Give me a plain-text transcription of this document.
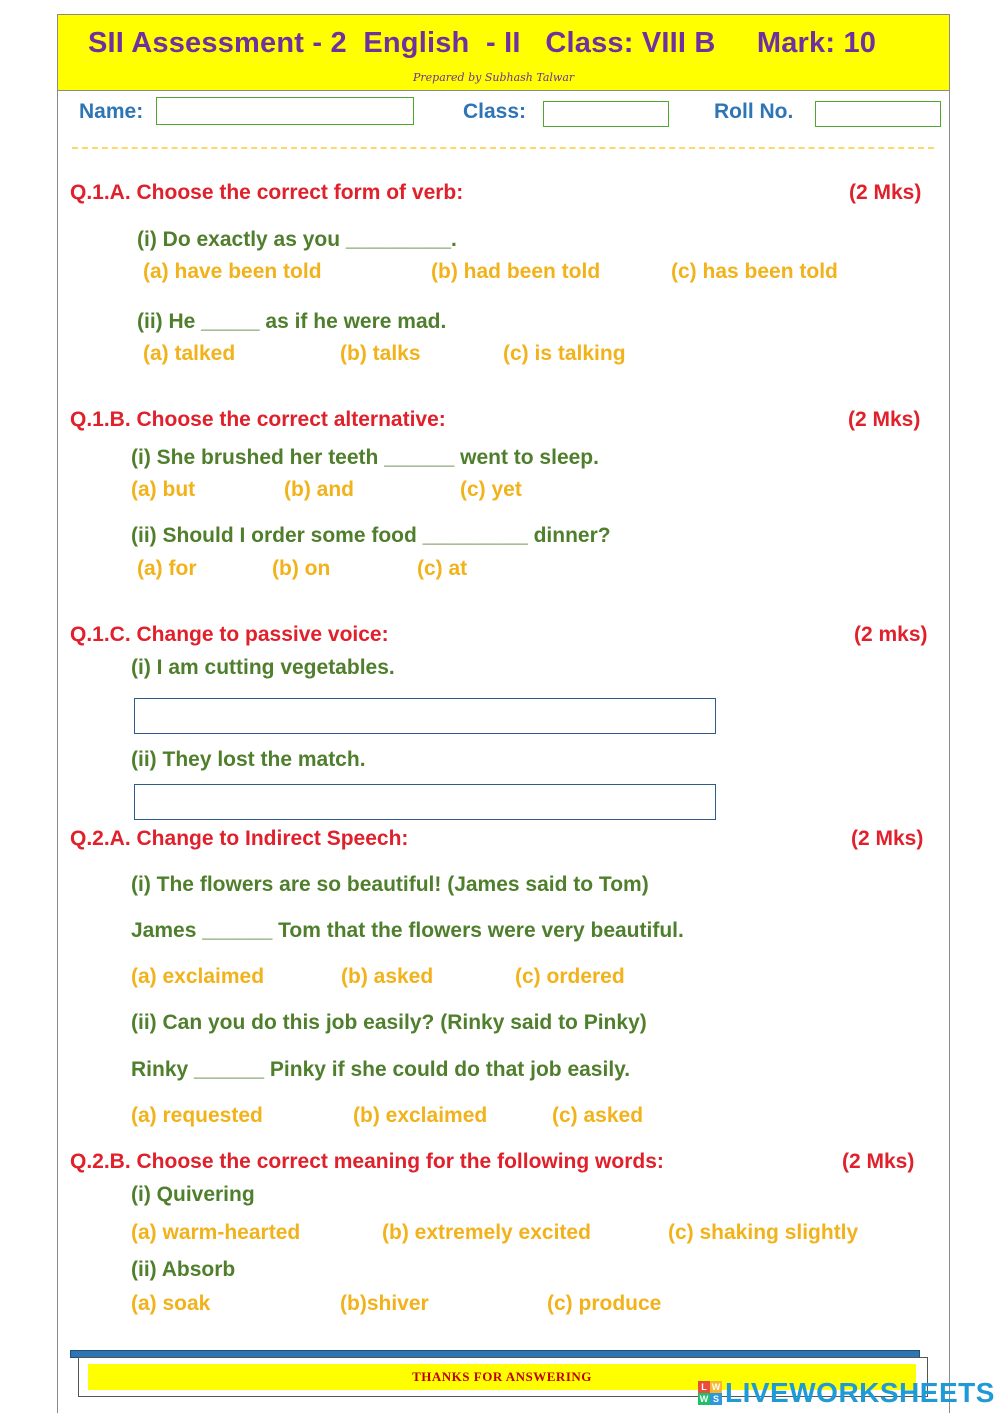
SII Assessment - 2  English  - II   Class: VIII B     Mark: 10
Prepared by Subhash Talwar
Name:	Class:	Roll No.
Q.1.A. Choose the correct form of verb:	(2 Mks)
(i) Do exactly as you _________.
(a) have been told	(b) had been told	(c) has been told
(ii) He _____ as if he were mad.
(a) talked	(b) talks	(c) is talking
Q.1.B. Choose the correct alternative:	(2 Mks)
(i) She brushed her teeth ______ went to sleep.
(a) but	(b) and	(c) yet
(ii) Should I order some food _________ dinner?
(a) for	(b) on	(c) at
Q.1.C. Change to passive voice:	(2 mks)
(i) I am cutting vegetables.
(ii) They lost the match.
Q.2.A. Change to Indirect Speech:	(2 Mks)
(i) The flowers are so beautiful! (James said to Tom)
James ______ Tom that the flowers were very beautiful.
(a) exclaimed	(b) asked	(c) ordered
(ii) Can you do this job easily? (Rinky said to Pinky)
Rinky ______ Pinky if she could do that job easily.
(a) requested	(b) exclaimed	(c) asked
Q.2.B. Choose the correct meaning for the following words:	(2 Mks)
(i) Quivering
(a) warm-hearted	(b) extremely excited	(c) shaking slightly
(ii) Absorb
(a) soak	(b)shiver	(c) produce
THANKS FOR ANSWERING
L W
W S LIVEWORKSHEETS
